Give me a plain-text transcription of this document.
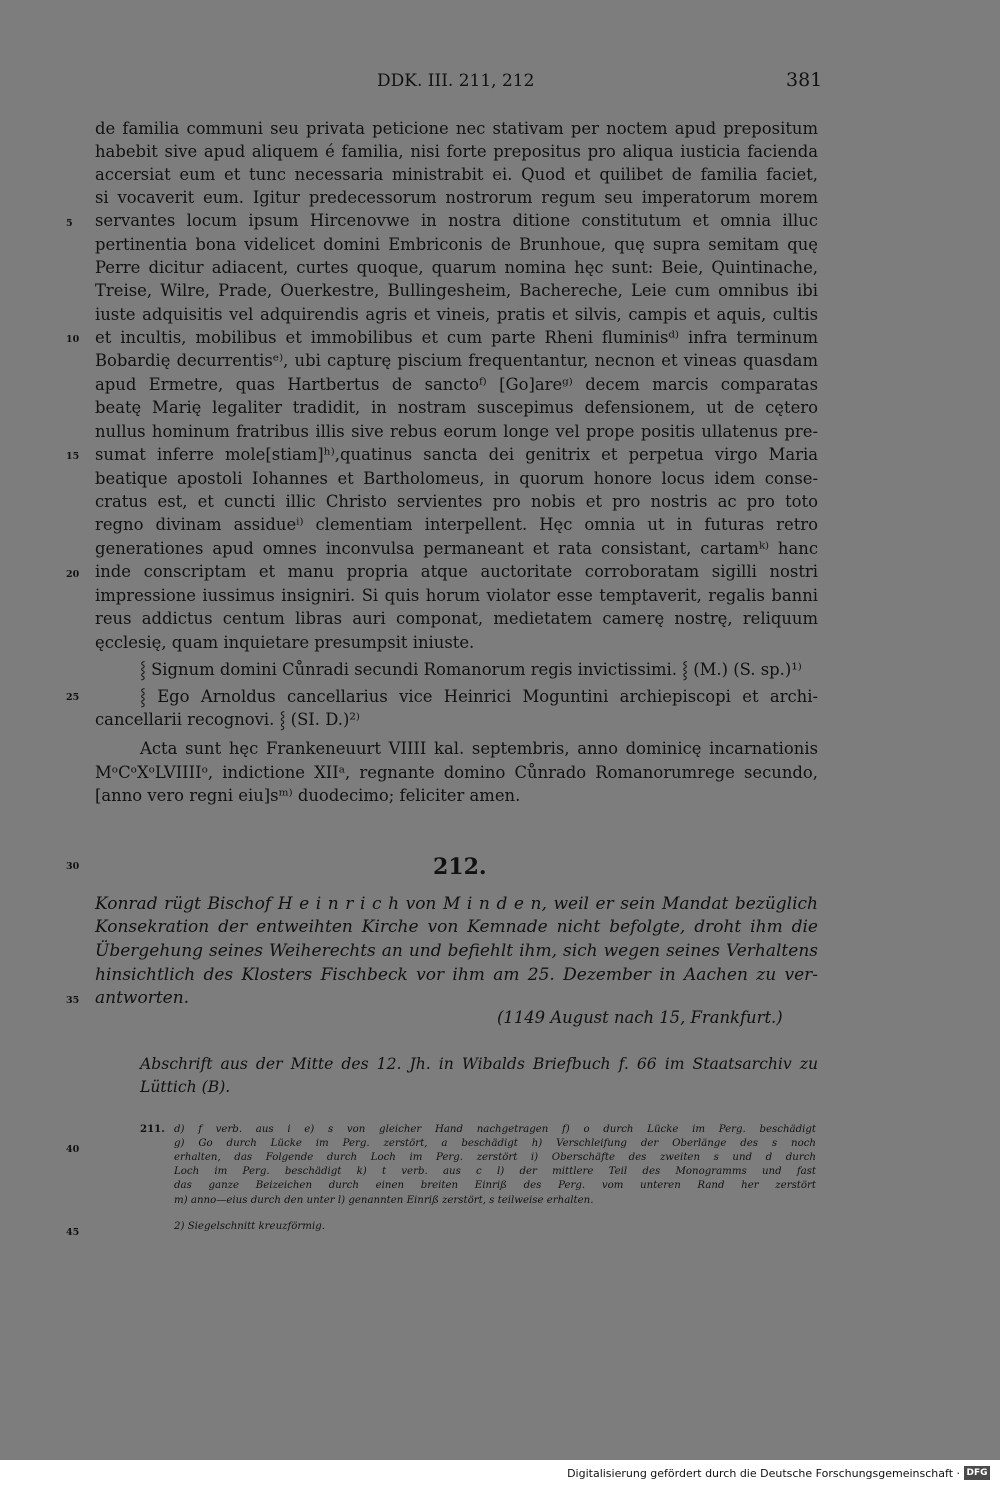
DDK. III. 211, 212	381
de familia communi seu privata peticione nec stativam per noctem apud prepositum
habebit sive apud aliquem é familia, nisi forte prepositus pro aliqua iusticia facienda
accersiat eum et tunc necessaria ministrabit ei. Quod et quilibet de familia faciet,
si vocaverit eum. Igitur predecessorum nostrorum regum seu imperatorum morem
servantes locum ipsum Hircenovwe in nostra ditione constitutum et omnia illuc
pertinentia bona videlicet domini Embriconis de Brunhoue, quę supra semitam quę
Perre dicitur adiacent, curtes quoque, quarum nomina hęc sunt: Beie, Quintinache,
Treise, Wilre, Prade, Ouerkestre, Bullingesheim, Bachereche, Leie cum omnibus ibi
iuste adquisitis vel adquirendis agris et vineis, pratis et silvis, campis et aquis, cultis
et incultis, mobilibus et immobilibus et cum parte Rheni fluminisᵈ⁾ infra terminum
Bobardię decurrentisᵉ⁾, ubi capturę piscium frequentantur, necnon et vineas quasdam
apud Ermetre, quas Hartbertus de sanctoᶠ⁾ [Go]areᵍ⁾ decem marcis comparatas
beatę Marię legaliter tradidit, in nostram suscepimus defensionem, ut de cętero
nullus hominum fratribus illis sive rebus eorum longe vel prope positis ullatenus pre-
sumat inferre mole[stiam]ʰ⁾,quatinus sancta dei genitrix et perpetua virgo Maria
beatique apostoli Iohannes et Bartholomeus, in quorum honore locus idem conse-
cratus est, et cuncti illic Christo servientes pro nobis et pro nostris ac pro toto
regno divinam assidueⁱ⁾ clementiam interpellent. Hęc omnia ut in futuras retro
generationes apud omnes inconvulsa permaneant et rata consistant, cartamᵏ⁾ hanc
inde conscriptam et manu propria atque auctoritate corroboratam sigilli nostri
impressione iussimus insigniri. Si quis horum violator esse temptaverit, regalis banni
reus addictus centum libras auri componat, medietatem camerę nostrę, reliquum
ęcclesię, quam inquietare presumpsit iniuste.
⸾ Signum domini Cůnradi secundi Romanorum regis invictissimi. ⸾ (M.) (S. sp.)¹⁾
⸾ Ego Arnoldus cancellarius vice Heinrici Moguntini archiepiscopi et archi-
cancellarii recognovi. ⸾ (SI. D.)²⁾
Acta sunt hęc Frankeneuurt VIIII kal. septembris, anno dominicę incarnationis
MᵒCᵒXᵒLVIIIIᵒ, indictione XIIᵃ, regnante domino Cůnrado Romanorumrege secundo,
[anno vero regni eiu]sᵐ⁾ duodecimo; feliciter amen.
212.
Konrad rügt Bischof H e i n r i c h von M i n d e n, weil er sein Mandat bezüglich
Konsekration der entweihten Kirche von Kemnade nicht befolgte, droht ihm die
Übergehung seines Weiherechts an und befiehlt ihm, sich wegen seines Verhaltens
hinsichtlich des Klosters Fischbeck vor ihm am 25. Dezember in Aachen zu ver-
antworten.
(1149 August nach 15, Frankfurt.)
Abschrift aus der Mitte des 12. Jh. in Wibalds Briefbuch f. 66 im Staatsarchiv zu
Lüttich (B).
211. d) f verb. aus i e) s von gleicher Hand nachgetragen f) o durch Lücke im Perg. beschädigt
g) Go durch Lücke im Perg. zerstört, a beschädigt h) Verschleifung der Oberlänge des s noch
erhalten, das Folgende durch Loch im Perg. zerstört i) Oberschäfte des zweiten s und d durch
Loch im Perg. beschädigt k) t verb. aus c l) der mittlere Teil des Monogramms und fast
das ganze Beizeichen durch einen breiten Einriß des Perg. vom unteren Rand her zerstört
m) anno—eius durch den unter l) genannten Einriß zerstört, s teilweise erhalten.
2) Siegelschnitt kreuzförmig.
5
10
15
20
25
30
35
40
45
Digitalisierung gefördert durch die Deutsche Forschungsgemeinschaft · DFG
